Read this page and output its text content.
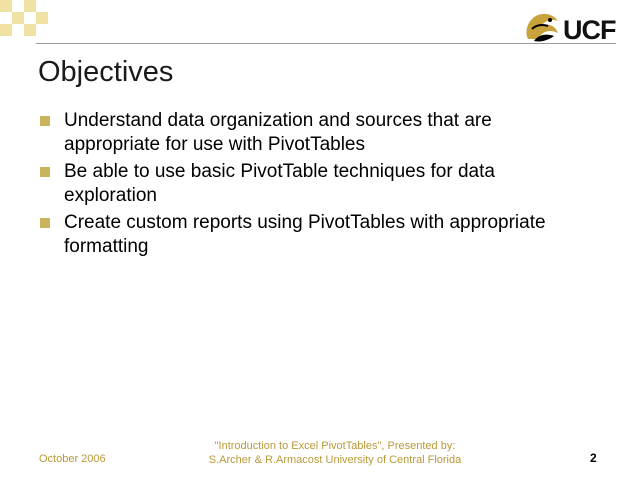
UCF
Objectives
Understand data organization and sources that are appropriate for use with PivotTables
Be able to use basic PivotTable techniques for data exploration
Create custom reports using PivotTables with appropriate formatting
October 2006
"Introduction to Excel PivotTables", Presented by:
S.Archer & R.Armacost University of Central Florida	2
